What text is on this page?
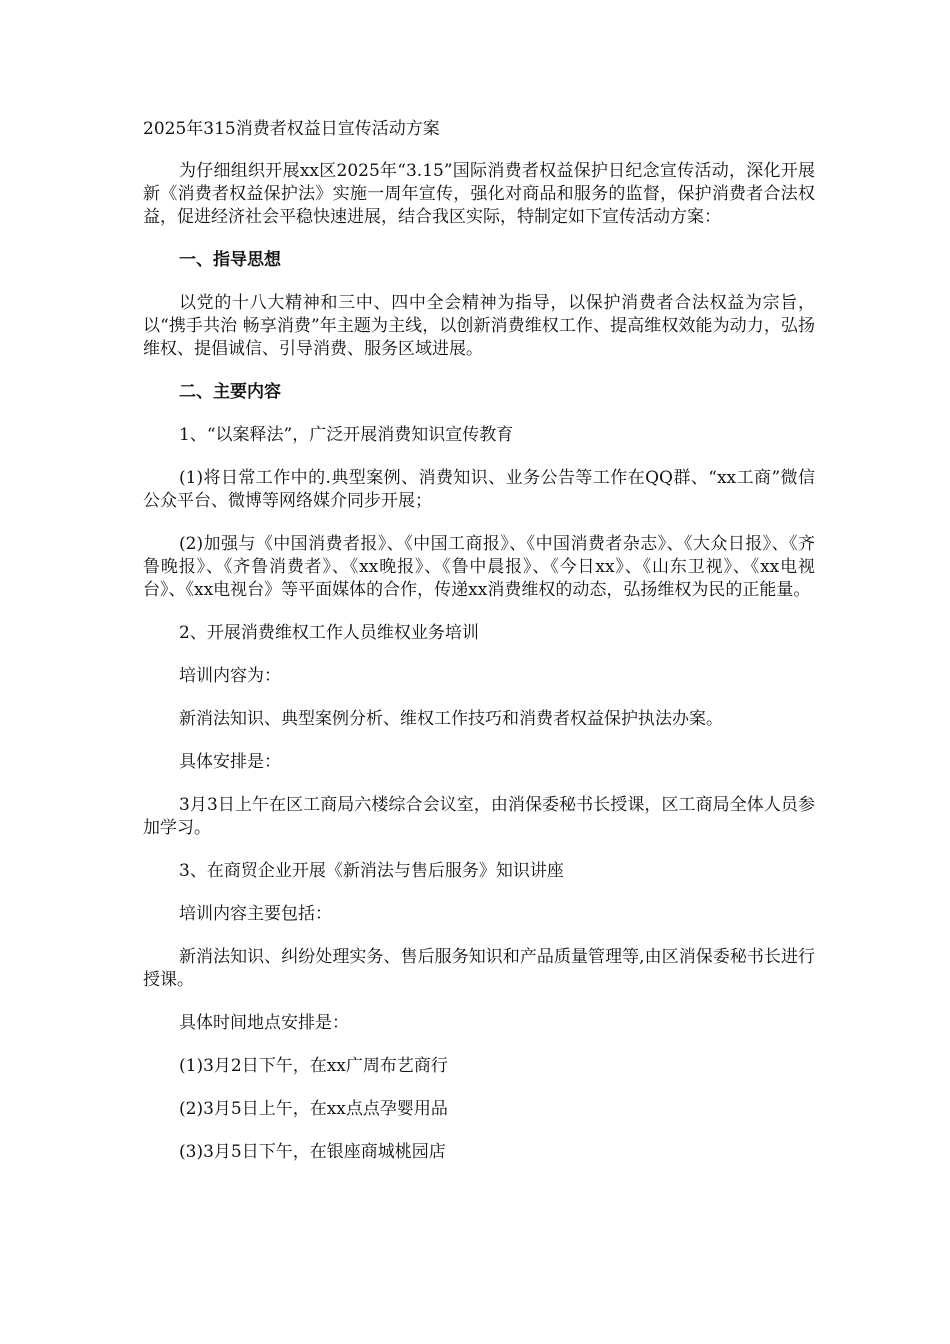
2025年315消费者权益日宣传活动方案

为仔细组织开展xx区2025年“3.15”国际消费者权益保护日纪念宣传活动，深化开展新《消费者权益保护法》实施一周年宣传，强化对商品和服务的监督，保护消费者合法权益，促进经济社会平稳快速进展，结合我区实际，特制定如下宣传活动方案：

一、指导思想

以党的十八大精神和三中、四中全会精神为指导，以保护消费者合法权益为宗旨，以“携手共治 畅享消费”年主题为主线，以创新消费维权工作、提高维权效能为动力，弘扬维权、提倡诚信、引导消费、服务区域进展。

二、主要内容

1、“以案释法”，广泛开展消费知识宣传教育

(1)将日常工作中的.典型案例、消费知识、业务公告等工作在QQ群、“xx工商”微信公众平台、微博等网络媒介同步开展；

(2)加强与《中国消费者报》、《中国工商报》、《中国消费者杂志》、《大众日报》、《齐鲁晚报》、《齐鲁消费者》、《xx晚报》、《鲁中晨报》、《今日xx》、《山东卫视》、《xx电视台》、《xx电视台》等平面媒体的合作，传递xx消费维权的动态，弘扬维权为民的正能量。

2、开展消费维权工作人员维权业务培训

培训内容为：

新消法知识、典型案例分析、维权工作技巧和消费者权益保护执法办案。

具体安排是：

3月3日上午在区工商局六楼综合会议室，由消保委秘书长授课，区工商局全体人员参加学习。

3、在商贸企业开展《新消法与售后服务》知识讲座

培训内容主要包括：

新消法知识、纠纷处理实务、售后服务知识和产品质量管理等,由区消保委秘书长进行授课。

具体时间地点安排是：

(1)3月2日下午，在xx广周布艺商行

(2)3月5日上午，在xx点点孕婴用品

(3)3月5日下午，在银座商城桃园店
